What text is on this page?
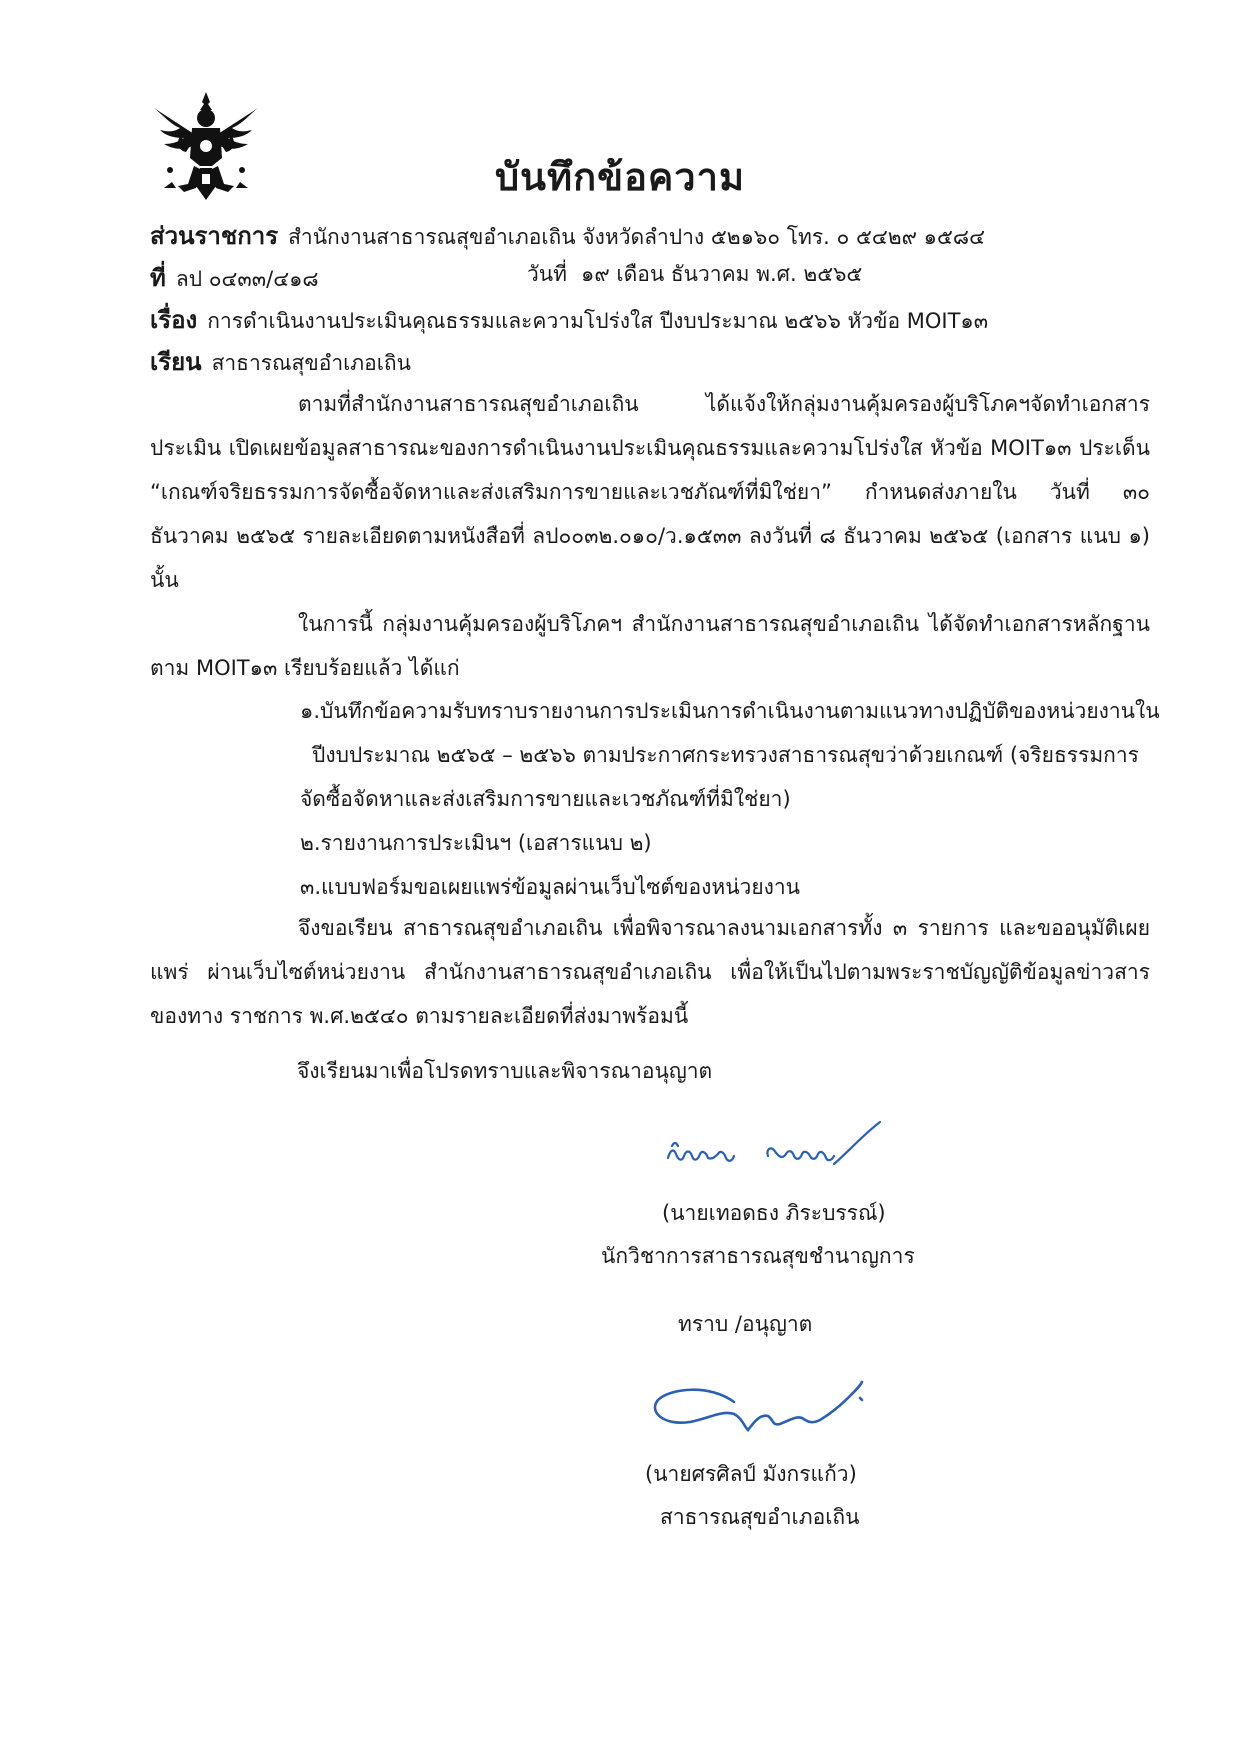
บันทึกข้อความ
ส่วนราชการ สำนักงานสาธารณสุขอำเภอเถิน จังหวัดลำปาง ๕๒๑๖๐ โทร. ๐ ๕๔๒๙ ๑๕๘๔
ที่ ลป ๐๔๓๓/๔๑๘	วันที่ ๑๙ เดือน ธันวาคม พ.ศ. ๒๕๖๕
เรื่อง การดำเนินงานประเมินคุณธรรมและความโปร่งใส ปีงบประมาณ ๒๕๖๖ หัวข้อ MOIT๑๓
เรียน สาธารณสุขอำเภอเถิน
ตามที่สำนักงานสาธารณสุขอำเภอเถิน ได้แจ้งให้กลุ่มงานคุ้มครองผู้บริโภคฯจัดทำเอกสารประเมิน เปิดเผยข้อมูลสาธารณะของการดำเนินงานประเมินคุณธรรมและความโปร่งใส หัวข้อ MOIT๑๓ ประเด็น “เกณฑ์จริยธรรมการจัดซื้อจัดหาและส่งเสริมการขายและเวชภัณฑ์ที่มิใช่ยา” กำหนดส่งภายใน วันที่ ๓๐ ธันวาคม ๒๕๖๕ รายละเอียดตามหนังสือที่ ลป๐๐๓๒.๐๑๐/ว.๑๕๓๓ ลงวันที่ ๘ ธันวาคม ๒๕๖๕ (เอกสาร แนบ ๑) นั้น
ในการนี้ กลุ่มงานคุ้มครองผู้บริโภคฯ สำนักงานสาธารณสุขอำเภอเถิน ได้จัดทำเอกสารหลักฐานตาม MOIT๑๓ เรียบร้อยแล้ว ได้แก่
๑.บันทึกข้อความรับทราบรายงานการประเมินการดำเนินงานตามแนวทางปฏิบัติของหน่วยงานใน
ปีงบประมาณ ๒๕๖๕ – ๒๕๖๖ ตามประกาศกระทรวงสาธารณสุขว่าด้วยเกณฑ์ (จริยธรรมการ
จัดซื้อจัดหาและส่งเสริมการขายและเวชภัณฑ์ที่มิใช่ยา)
๒.รายงานการประเมินฯ (เอสารแนบ ๒)
๓.แบบฟอร์มขอเผยแพร่ข้อมูลผ่านเว็บไซต์ของหน่วยงาน
จึงขอเรียน สาธารณสุขอำเภอเถิน เพื่อพิจารณาลงนามเอกสารทั้ง ๓ รายการ และขออนุมัติเผยแพร่ ผ่านเว็บไซต์หน่วยงาน สำนักงานสาธารณสุขอำเภอเถิน เพื่อให้เป็นไปตามพระราชบัญญัติข้อมูลข่าวสารของทาง ราชการ พ.ศ.๒๕๔๐ ตามรายละเอียดที่ส่งมาพร้อมนี้
จึงเรียนมาเพื่อโปรดทราบและพิจารณาอนุญาต
(นายเทอดธง ภิระบรรณ์)
นักวิชาการสาธารณสุขชำนาญการ
ทราบ /อนุญาต
(นายศรศิลป์ มังกรแก้ว)
สาธารณสุขอำเภอเถิน
